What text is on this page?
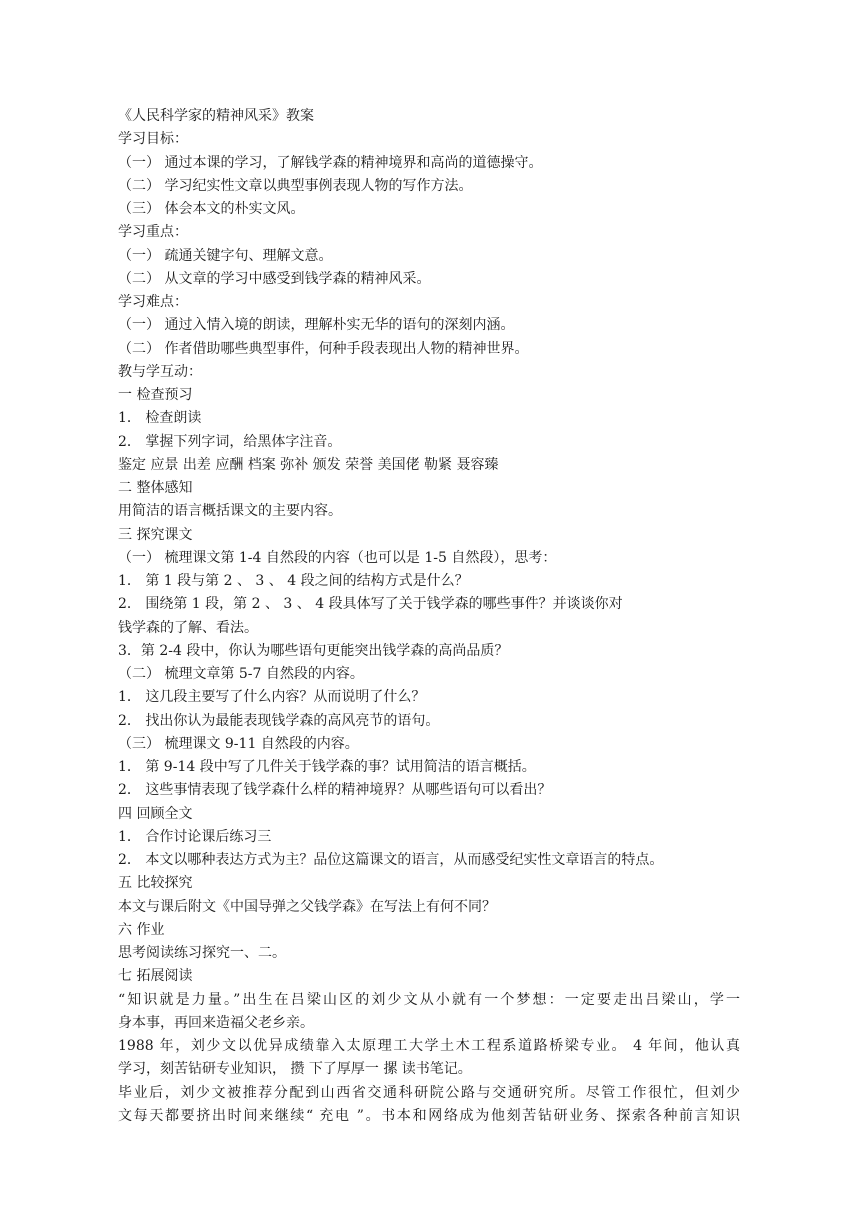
《人民科学家的精神风采》教案
学习目标：
（一） 通过本课的学习，了解钱学森的精神境界和高尚的道德操守。
（二） 学习纪实性文章以典型事例表现人物的写作方法。
（三） 体会本文的朴实文风。
学习重点：
（一） 疏通关键字句、理解文意。
（二） 从文章的学习中感受到钱学森的精神风采。
学习难点：
（一） 通过入情入境的朗读，理解朴实无华的语句的深刻内涵。
（二） 作者借助哪些典型事件，何种手段表现出人物的精神世界。
教与学互动：
一 检查预习
1． 检查朗读
2． 掌握下列字词，给黑体字注音。
鉴定 应景 出差 应酬 档案 弥补 颁发 荣誉 美国佬 勒紧 聂容臻
二 整体感知
用简洁的语言概括课文的主要内容。
三 探究课文
（一） 梳理课文第 1-4 自然段的内容（也可以是 1-5 自然段），思考：
1． 第 1 段与第 2 、 3 、 4 段之间的结构方式是什么？
2． 围绕第 1 段，第 2 、 3 、 4 段具体写了关于钱学森的哪些事件？并谈谈你对
钱学森的了解、看法。
3．第 2-4 段中，你认为哪些语句更能突出钱学森的高尚品质？
（二） 梳理文章第 5-7 自然段的内容。
1． 这几段主要写了什么内容？从而说明了什么？
2． 找出你认为最能表现钱学森的高风亮节的语句。
（三） 梳理课文 9-11 自然段的内容。
1． 第 9-14 段中写了几件关于钱学森的事？试用简洁的语言概括。
2． 这些事情表现了钱学森什么样的精神境界？从哪些语句可以看出？
四 回顾全文
1． 合作讨论课后练习三
2． 本文以哪种表达方式为主？品位这篇课文的语言，从而感受纪实性文章语言的特点。
五 比较探究
本文与课后附文《中国导弹之父钱学森》在写法上有何不同？
六 作业
思考阅读练习探究一、二。
七 拓展阅读
“知识就是力量。”出生在吕梁山区的刘少文从小就有一个梦想：一定要走出吕梁山，学一
身本事，再回来造福父老乡亲。
1988 年，刘少文以优异成绩靠入太原理工大学土木工程系道路桥梁专业。 4 年间，他认真
学习，刻苦钻研专业知识， 攒 下了厚厚一 摞 读书笔记。
毕业后，刘少文被推荐分配到山西省交通科研院公路与交通研究所。尽管工作很忙，但刘少
文每天都要挤出时间来继续“ 充电 ”。书本和网络成为他刻苦钻研业务、探索各种前言知识
